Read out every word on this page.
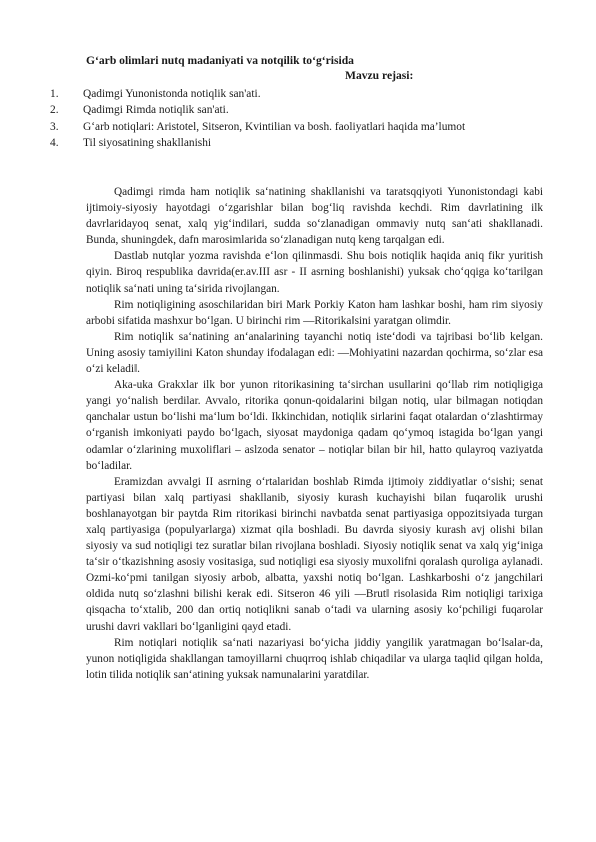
G‘arb olimlari nutq madaniyati va notqilik to‘g‘risida
Mavzu rejasi:
1. Qadimgi Yunonistonda notiqlik san'ati.
2. Qadimgi Rimda notiqlik san'ati.
3. G‘arb notiqlari: Aristotel, Sitseron, Kvintilian va bosh. faoliyatlari haqida ma’lumot
4. Til siyosatining shakllanishi

Qadimgi rimda ham notiqlik sa‘natining shakllanishi va taratsqqiyoti Yunonistondagi kabi ijtimoiy-siyosiy hayotdagi o‘zgarishlar bilan bog‘liq ravishda kechdi. Rim davrlatining ilk davrlaridayoq senat, xalq yig‘indilari, sudda so‘zlanadigan ommaviy nutq san‘ati shakllanadi. Bunda, shuningdek, dafn marosimlarida so‘zlanadigan nutq keng tarqalgan edi.

Dastlab nutqlar yozma ravishda e‘lon qilinmasdi. Shu bois notiqlik haqida aniq fikr yuritish qiyin. Biroq respublika davrida(er.av.III asr - II asrning boshlanishi) yuksak cho‘qqiga ko‘tarilgan notiqlik sa‘nati uning ta‘sirida rivojlangan.

Rim notiqligining asoschilaridan biri Mark Porkiy Katon ham lashkar boshi, ham rim siyosiy arbobi sifatida mashxur bo‘lgan. U birinchi rim ―Ritorika‖sini yaratgan olimdir.

Rim notiqlik sa‘natining an‘analarining tayanchi notiq iste‘dodi va tajribasi bo‘lib kelgan. Uning asosiy tamiyilini Katon shunday ifodalagan edi: ―Mohiyatini nazardan qochirma, so‘zlar esa o‘zi keladi‖.

Aka-uka Grakxlar ilk bor yunon ritorikasining ta‘sirchan usullarini qo‘llab rim notiqligiga yangi yo‘nalish berdilar. Avvalo, ritorika qonun-qoidalarini bilgan notiq, ular bilmagan notiqdan qanchalar ustun bo‘lishi ma‘lum bo‘ldi. Ikkinchidan, notiqlik sirlarini faqat otalardan o‘zlashtirmay o‘rganish imkoniyati paydo bo‘lgach, siyosat maydoniga qadam qo‘ymoq istagida bo‘lgan yangi odamlar o‘zlarining muxoliflari – aslzoda senator – notiqlar bilan bir hil, hatto qulayroq vaziyatda bo‘ladilar.

Eramizdan avvalgi II asrning o‘rtalaridan boshlab Rimda ijtimoiy ziddiyatlar o‘sishi; senat partiyasi bilan xalq partiyasi shakllanib, siyosiy kurash kuchayishi bilan fuqarolik urushi boshlanayotgan bir paytda Rim ritorikasi birinchi navbatda senat partiyasiga oppozitsiyada turgan xalq partiyasiga (populyarlarga) xizmat qila boshladi. Bu davrda siyosiy kurash avj olishi bilan siyosiy va sud notiqligi tez suratlar bilan rivojlana boshladi. Siyosiy notiqlik senat va xalq yig‘iniga ta‘sir o‘tkazishning asosiy vositasiga, sud notiqligi esa siyosiy muxolifni qoralash quroliga aylanadi. Ozmi-ko‘pmi tanilgan siyosiy arbob, albatta, yaxshi notiq bo‘lgan. Lashkarboshi o‘z jangchilari oldida nutq so‘zlashni bilishi kerak edi. Sitseron 46 yili ―Brut‖ risolasida Rim notiqligi tarixiga qisqacha to‘xtalib, 200 dan ortiq notiqlikni sanab o‘tadi va ularning asosiy ko‘pchiligi fuqarolar urushi davri vakllari bo‘lganligini qayd etadi.

Rim notiqlari notiqlik sa‘nati nazariyasi bo‘yicha jiddiy yangilik yaratmagan bo‘lsalar-da, yunon notiqligida shakllangan tamoyillarni chuqrroq ishlab chiqadilar va ularga taqlid qilgan holda, lotin tilida notiqlik san‘atining yuksak namunalarini yaratdilar.
